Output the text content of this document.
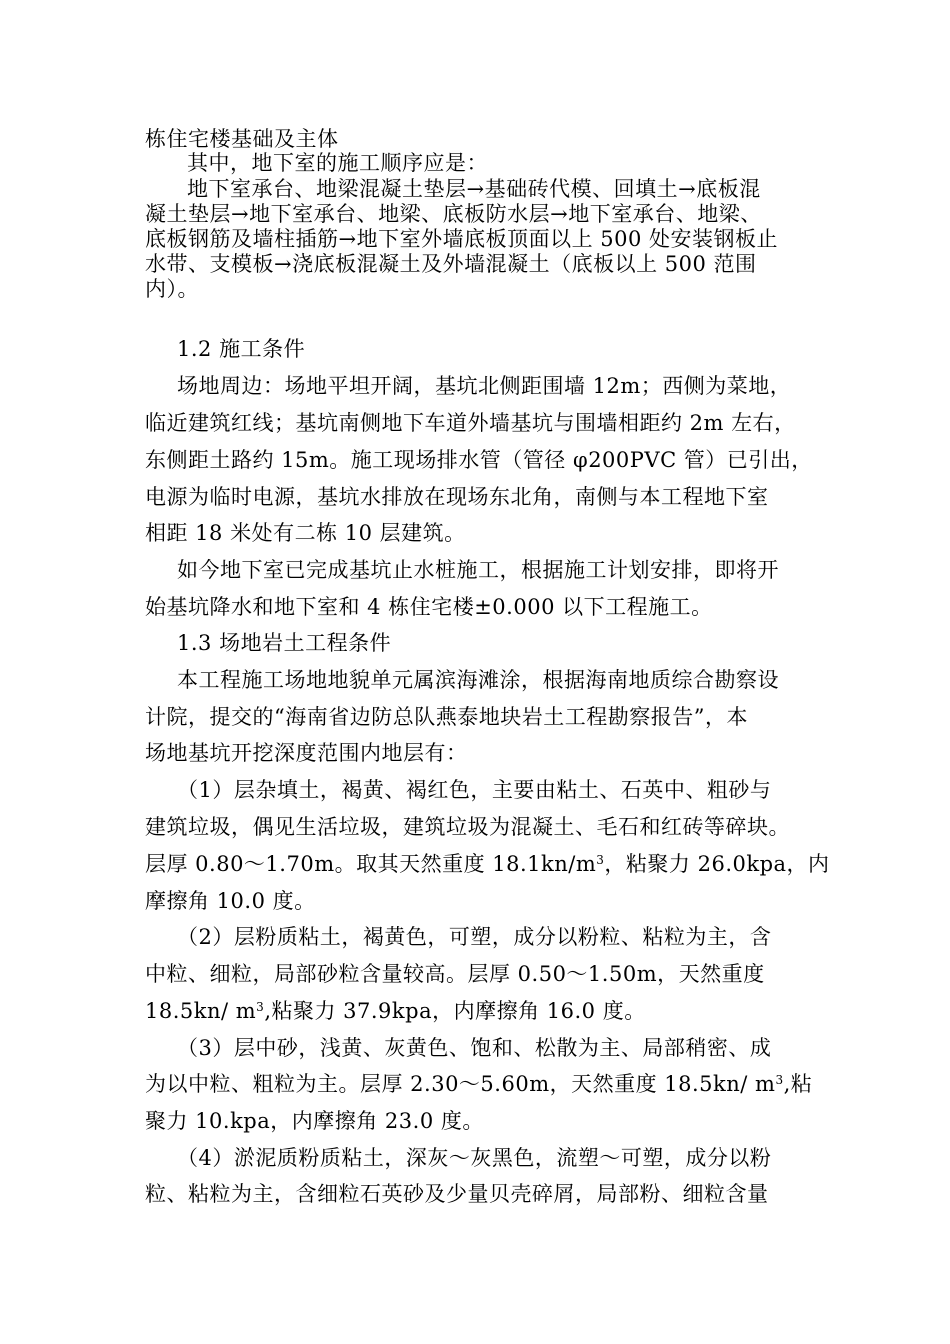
栋住宅楼基础及主体
其中，地下室的施工顺序应是：
地下室承台、地梁混凝土垫层→基础砖代模、回填土→底板混
凝土垫层→地下室承台、地梁、底板防水层→地下室承台、地梁、
底板钢筋及墙柱插筋→地下室外墙底板顶面以上 500 处安装钢板止
水带、支模板→浇底板混凝土及外墙混凝土（底板以上 500 范围
内）。
1.2 施工条件
场地周边：场地平坦开阔，基坑北侧距围墙 12m；西侧为菜地，
临近建筑红线；基坑南侧地下车道外墙基坑与围墙相距约 2m 左右，
东侧距土路约 15m。施工现场排水管（管径 φ200PVC 管）已引出，
电源为临时电源，基坑水排放在现场东北角，南侧与本工程地下室
相距 18 米处有二栋 10 层建筑。
如今地下室已完成基坑止水桩施工，根据施工计划安排，即将开
始基坑降水和地下室和 4 栋住宅楼±0.000 以下工程施工。
1.3 场地岩土工程条件
本工程施工场地地貌单元属滨海滩涂，根据海南地质综合勘察设
计院，提交的“海南省边防总队燕泰地块岩土工程勘察报告”，本
场地基坑开挖深度范围内地层有：
（1）层杂填土，褐黄、褐红色，主要由粘土、石英中、粗砂与
建筑垃圾，偶见生活垃圾，建筑垃圾为混凝土、毛石和红砖等碎块。
层厚 0.80～1.70m。取其天然重度 $18.1kn/m^3$，粘聚力 26.0kpa，内
摩擦角 10.0 度。
（2）层粉质粘土，褐黄色，可塑，成分以粉粒、粘粒为主，含
中粒、细粒，局部砂粒含量较高。层厚 0.50～1.50m，天然重度
18.5kn/ $m^3$,粘聚力 37.9kpa，内摩擦角 16.0 度。
（3）层中砂，浅黄、灰黄色、饱和、松散为主、局部稍密、成
为以中粒、粗粒为主。层厚 2.30～5.60m，天然重度 18.5kn/ $m^3$,粘
聚力 10.kpa，内摩擦角 23.0 度。
（4）淤泥质粉质粘土，深灰～灰黑色，流塑～可塑，成分以粉
粒、粘粒为主，含细粒石英砂及少量贝壳碎屑，局部粉、细粒含量
